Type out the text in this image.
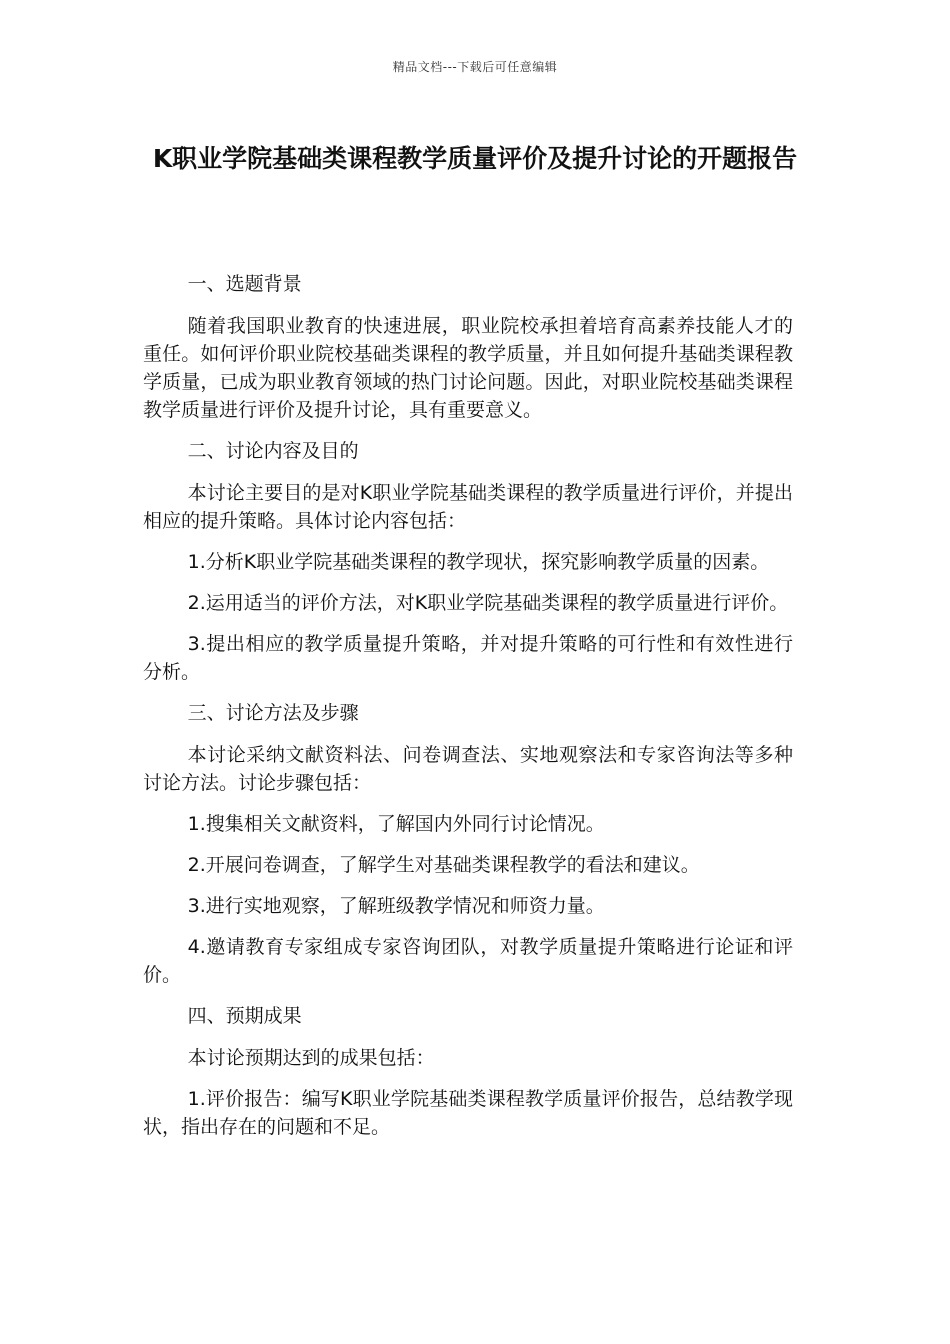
精品文档---下载后可任意编辑
K职业学院基础类课程教学质量评价及提升讨论的开题报告

一、选题背景

随着我国职业教育的快速进展，职业院校承担着培育高素养技能人才的重任。如何评价职业院校基础类课程的教学质量，并且如何提升基础类课程教学质量，已成为职业教育领域的热门讨论问题。因此，对职业院校基础类课程教学质量进行评价及提升讨论，具有重要意义。

二、讨论内容及目的

本讨论主要目的是对K职业学院基础类课程的教学质量进行评价，并提出相应的提升策略。具体讨论内容包括：

1.分析K职业学院基础类课程的教学现状，探究影响教学质量的因素。

2.运用适当的评价方法，对K职业学院基础类课程的教学质量进行评价。

3.提出相应的教学质量提升策略，并对提升策略的可行性和有效性进行分析。

三、讨论方法及步骤

本讨论采纳文献资料法、问卷调查法、实地观察法和专家咨询法等多种讨论方法。讨论步骤包括：

1.搜集相关文献资料，了解国内外同行讨论情况。

2.开展问卷调查，了解学生对基础类课程教学的看法和建议。

3.进行实地观察，了解班级教学情况和师资力量。

4.邀请教育专家组成专家咨询团队，对教学质量提升策略进行论证和评价。

四、预期成果

本讨论预期达到的成果包括：

1.评价报告：编写K职业学院基础类课程教学质量评价报告，总结教学现状，指出存在的问题和不足。
